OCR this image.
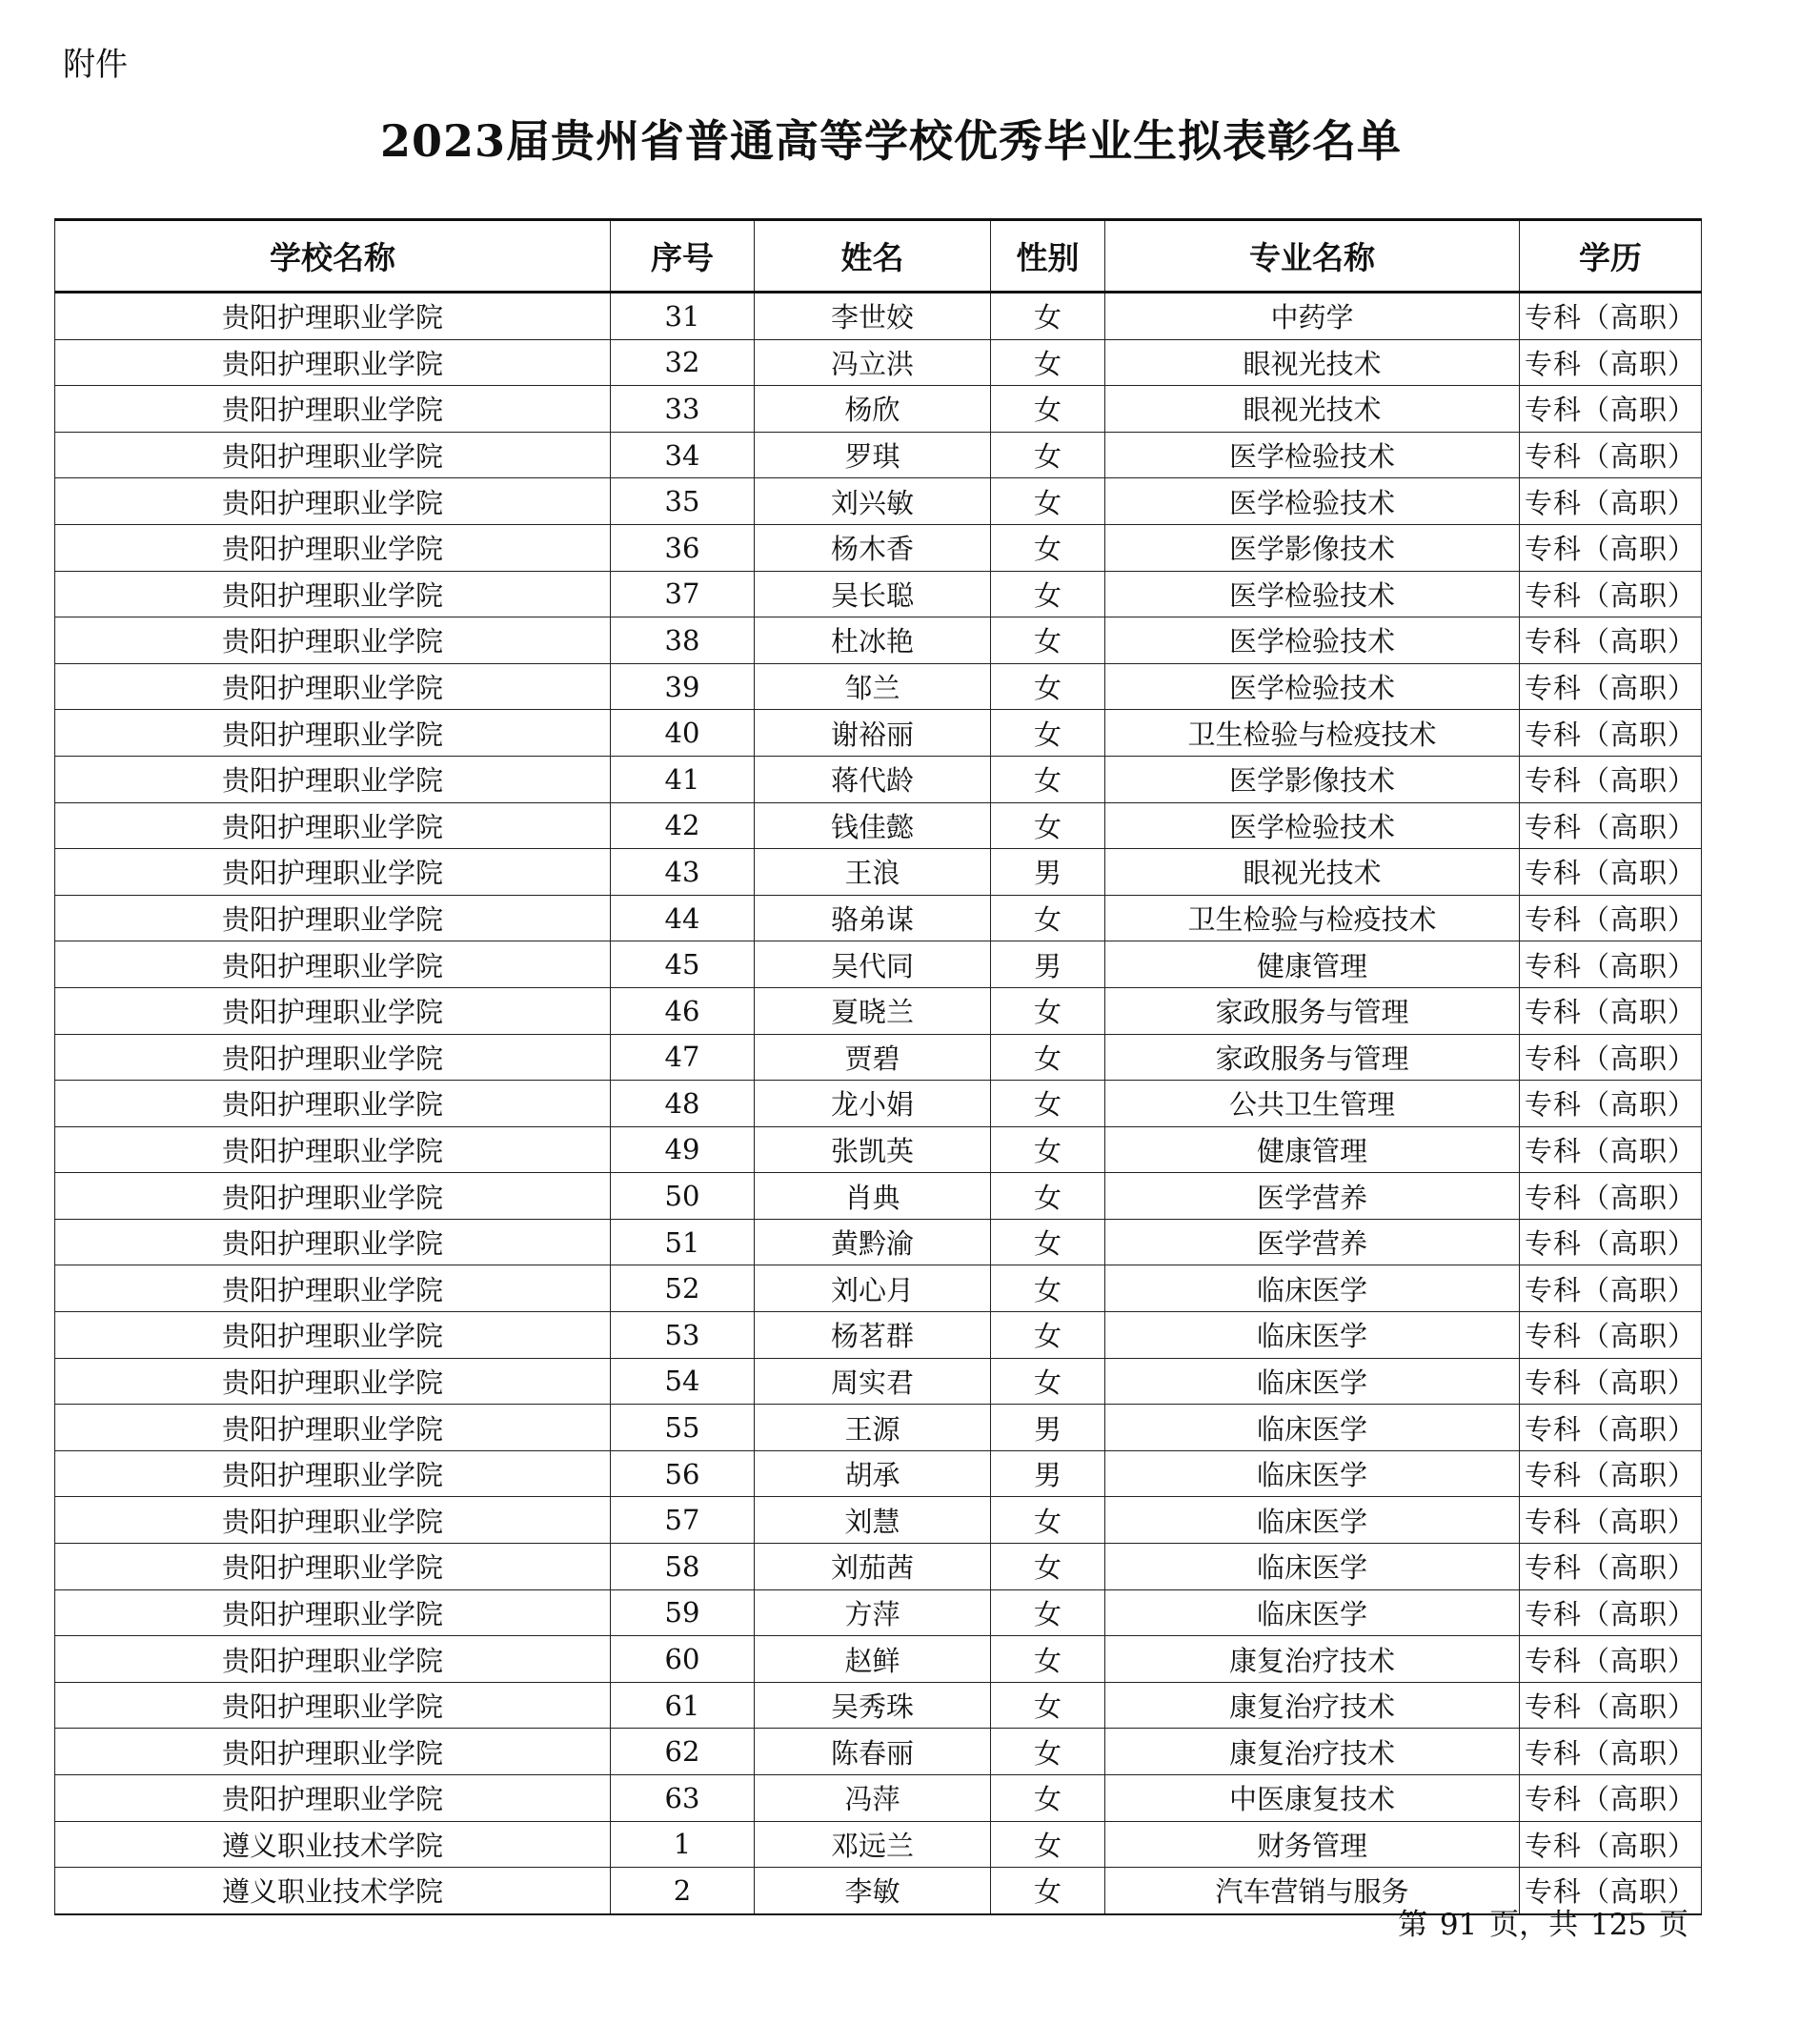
附件
2023届贵州省普通高等学校优秀毕业生拟表彰名单
学校名称	序号	姓名	性别	专业名称	学历
贵阳护理职业学院	31	李世姣	女	中药学	专科（高职）
贵阳护理职业学院	32	冯立洪	女	眼视光技术	专科（高职）
贵阳护理职业学院	33	杨欣	女	眼视光技术	专科（高职）
贵阳护理职业学院	34	罗琪	女	医学检验技术	专科（高职）
贵阳护理职业学院	35	刘兴敏	女	医学检验技术	专科（高职）
贵阳护理职业学院	36	杨木香	女	医学影像技术	专科（高职）
贵阳护理职业学院	37	吴长聪	女	医学检验技术	专科（高职）
贵阳护理职业学院	38	杜冰艳	女	医学检验技术	专科（高职）
贵阳护理职业学院	39	邹兰	女	医学检验技术	专科（高职）
贵阳护理职业学院	40	谢裕丽	女	卫生检验与检疫技术	专科（高职）
贵阳护理职业学院	41	蒋代龄	女	医学影像技术	专科（高职）
贵阳护理职业学院	42	钱佳懿	女	医学检验技术	专科（高职）
贵阳护理职业学院	43	王浪	男	眼视光技术	专科（高职）
贵阳护理职业学院	44	骆弟谋	女	卫生检验与检疫技术	专科（高职）
贵阳护理职业学院	45	吴代同	男	健康管理	专科（高职）
贵阳护理职业学院	46	夏晓兰	女	家政服务与管理	专科（高职）
贵阳护理职业学院	47	贾碧	女	家政服务与管理	专科（高职）
贵阳护理职业学院	48	龙小娟	女	公共卫生管理	专科（高职）
贵阳护理职业学院	49	张凯英	女	健康管理	专科（高职）
贵阳护理职业学院	50	肖典	女	医学营养	专科（高职）
贵阳护理职业学院	51	黄黔渝	女	医学营养	专科（高职）
贵阳护理职业学院	52	刘心月	女	临床医学	专科（高职）
贵阳护理职业学院	53	杨茗群	女	临床医学	专科（高职）
贵阳护理职业学院	54	周实君	女	临床医学	专科（高职）
贵阳护理职业学院	55	王源	男	临床医学	专科（高职）
贵阳护理职业学院	56	胡承	男	临床医学	专科（高职）
贵阳护理职业学院	57	刘慧	女	临床医学	专科（高职）
贵阳护理职业学院	58	刘茄茜	女	临床医学	专科（高职）
贵阳护理职业学院	59	方萍	女	临床医学	专科（高职）
贵阳护理职业学院	60	赵鲜	女	康复治疗技术	专科（高职）
贵阳护理职业学院	61	吴秀珠	女	康复治疗技术	专科（高职）
贵阳护理职业学院	62	陈春丽	女	康复治疗技术	专科（高职）
贵阳护理职业学院	63	冯萍	女	中医康复技术	专科（高职）
遵义职业技术学院	1	邓远兰	女	财务管理	专科（高职）
遵义职业技术学院	2	李敏	女	汽车营销与服务	专科（高职）
第 91 页，共 125 页
